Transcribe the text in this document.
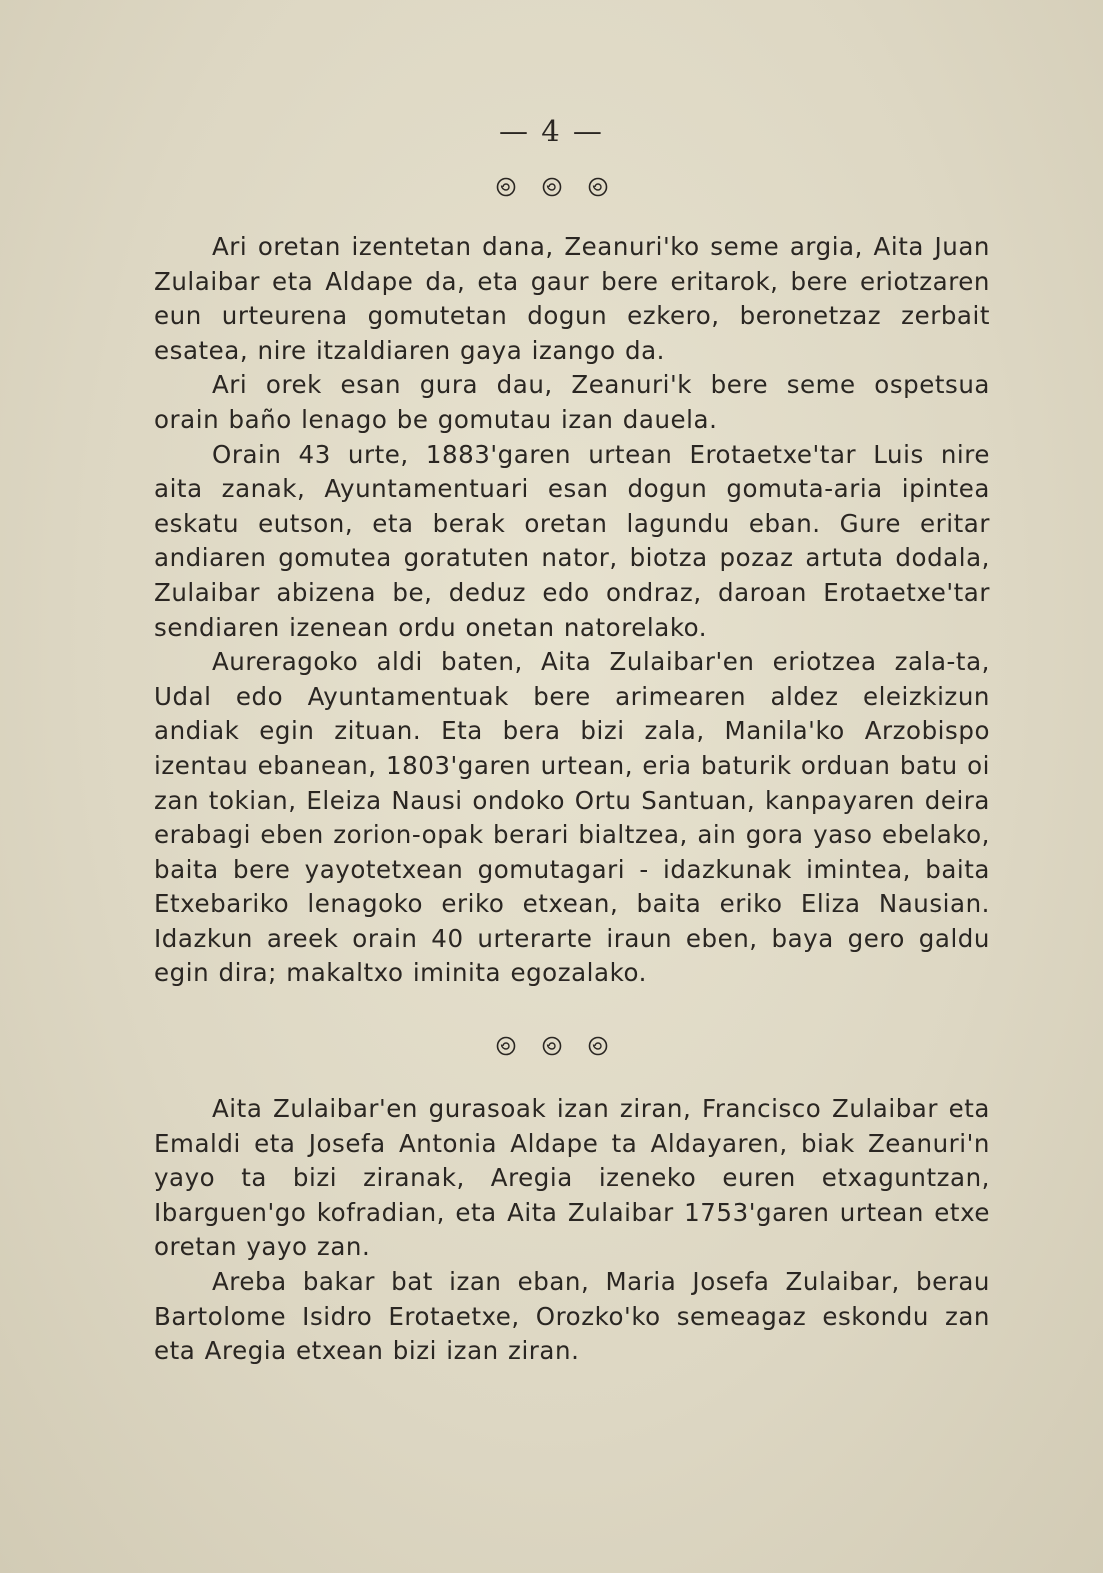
— 4 —

Ari oretan izentetan dana, Zeanuri'ko seme argia, Aita Juan Zulaibar eta Aldape da, eta gaur bere eritarok, bere eriotzaren eun urteurena gomutetan dogun ezkero, beronetzaz zerbait esatea, nire itzaldiaren gaya izango da.

Ari orek esan gura dau, Zeanuri'k bere seme ospetsua orain baño lenago be gomutau izan dauela.

Orain 43 urte, 1883'garen urtean Erotaetxe'tar Luis nire aita zanak, Ayuntamentuari esan dogun gomuta-aria ipintea eskatu eutson, eta berak oretan lagundu eban. Gure eritar andiaren gomutea goratuten nator, biotza pozaz artuta dodala, Zulaibar abizena be, deduz edo ondraz, daroan Erotaetxe'tar sendiaren izenean ordu onetan natorelako.

Aureragoko aldi baten, Aita Zulaibar'en eriotzea zala-ta, Udal edo Ayuntamentuak bere arimearen aldez eleizkizun andiak egin zituan. Eta bera bizi zala, Manila'ko Arzobispo izentau ebanean, 1803'garen urtean, eria baturik orduan batu oi zan tokian, Eleiza Nausi ondoko Ortu Santuan, kanpayaren deira erabagi eben zorion-opak berari bialtzea, ain gora yaso ebelako, baita bere yayotetxean gomutagari - idazkunak imintea, baita Etxebariko lenagoko eriko etxean, baita eriko Eliza Nausian. Idazkun areek orain 40 urterarte iraun eben, baya gero galdu egin dira; makaltxo iminita egozalako.

Aita Zulaibar'en gurasoak izan ziran, Francisco Zulaibar eta Emaldi eta Josefa Antonia Aldape ta Aldayaren, biak Zeanuri'n yayo ta bizi ziranak, Aregia izeneko euren etxaguntzan, Ibarguen'go kofradian, eta Aita Zulaibar 1753'garen urtean etxe oretan yayo zan.

Areba bakar bat izan eban, Maria Josefa Zulaibar, berau Bartolome Isidro Erotaetxe, Orozko'ko semeagaz eskondu zan eta Aregia etxean bizi izan ziran.
